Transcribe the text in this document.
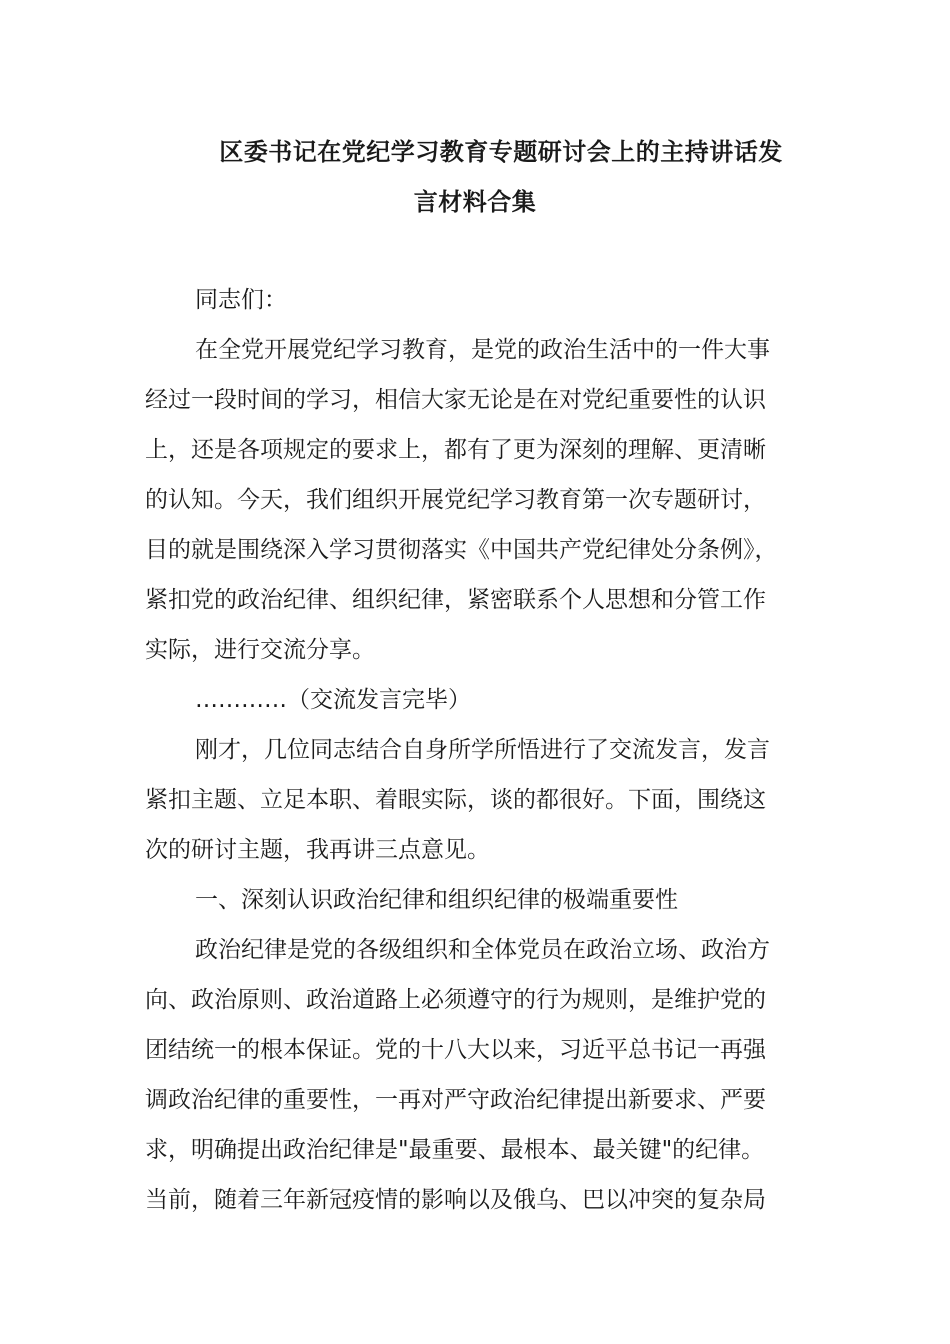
区委书记在党纪学习教育专题研讨会上的主持讲话发
言材料合集
同志们：
在全党开展党纪学习教育，是党的政治生活中的一件大事
经过一段时间的学习，相信大家无论是在对党纪重要性的认识
上，还是各项规定的要求上，都有了更为深刻的理解、更清晰
的认知。今天，我们组织开展党纪学习教育第一次专题研讨，
目的就是围绕深入学习贯彻落实《中国共产党纪律处分条例》，
紧扣党的政治纪律、组织纪律，紧密联系个人思想和分管工作
实际，进行交流分享。
…………（交流发言完毕）
刚才，几位同志结合自身所学所悟进行了交流发言，发言
紧扣主题、立足本职、着眼实际，谈的都很好。下面，围绕这
次的研讨主题，我再讲三点意见。
一、深刻认识政治纪律和组织纪律的极端重要性
政治纪律是党的各级组织和全体党员在政治立场、政治方
向、政治原则、政治道路上必须遵守的行为规则，是维护党的
团结统一的根本保证。党的十八大以来，习近平总书记一再强
调政治纪律的重要性，一再对严守政治纪律提出新要求、严要
求，明确提出政治纪律是"最重要、最根本、最关键"的纪律。
当前，随着三年新冠疫情的影响以及俄乌、巴以冲突的复杂局
